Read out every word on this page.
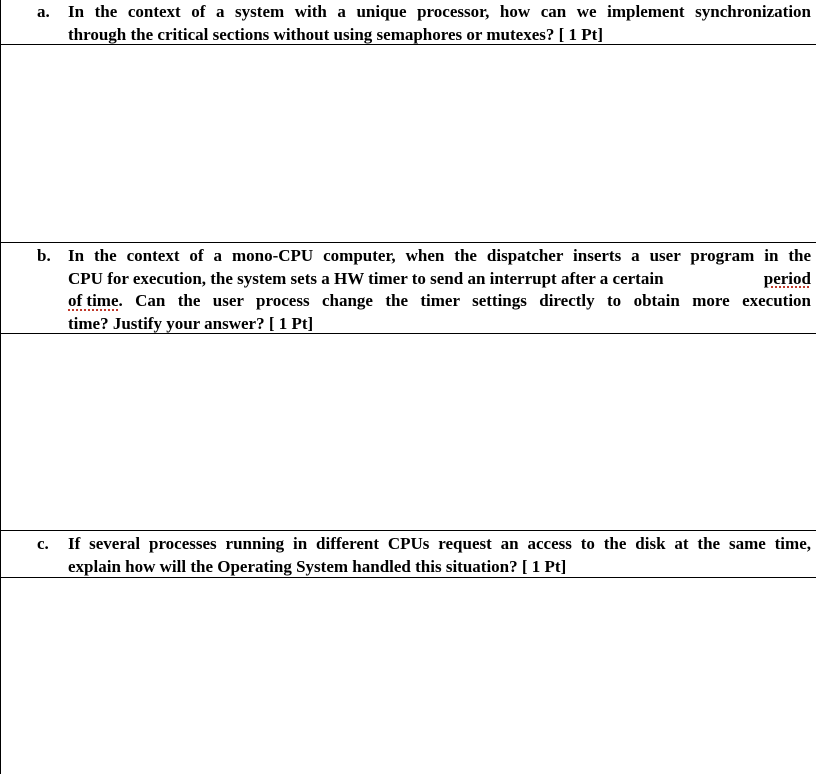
a. In the context of a system with a unique processor, how can we implement synchronization
through the critical sections without using semaphores or mutexes? [ 1 Pt]
b. In the context of a mono-CPU computer, when the dispatcher inserts a user program in the
CPU for execution, the system sets a HW timer to send an interrupt after a certain	period
of time . Can the user process change the timer settings directly to obtain more execution
time? Justify your answer? [ 1 Pt]
c. If several processes running in different CPUs request an access to the disk at the same time,
explain how will the Operating System handled this situation? [ 1 Pt]
